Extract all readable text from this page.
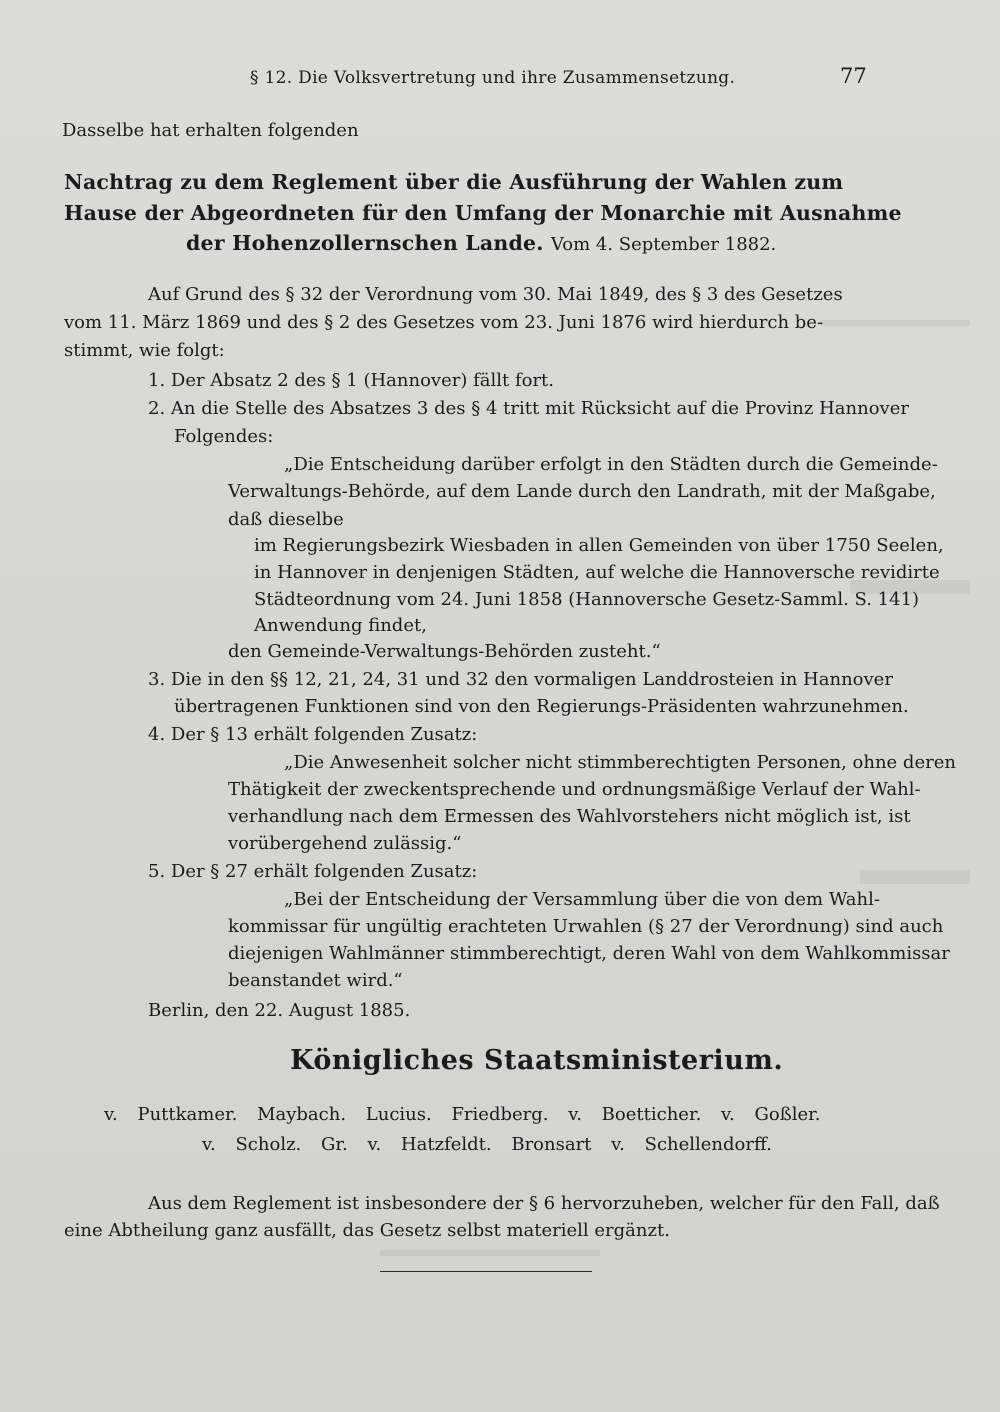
§ 12. Die Volksvertretung und ihre Zusammensetzung.	77
Dasselbe hat erhalten folgenden
Nachtrag zu dem Reglement über die Ausführung der Wahlen zum
Hause der Abgeordneten für den Umfang der Monarchie mit Ausnahme
der Hohenzollernschen Lande. Vom 4. September 1882.
Auf Grund des § 32 der Verordnung vom 30. Mai 1849, des § 3 des Gesetzes
vom 11. März 1869 und des § 2 des Gesetzes vom 23. Juni 1876 wird hierdurch be-
stimmt, wie folgt:
1. Der Absatz 2 des § 1 (Hannover) fällt fort.
2. An die Stelle des Absatzes 3 des § 4 tritt mit Rücksicht auf die Provinz Hannover
Folgendes:
„Die Entscheidung darüber erfolgt in den Städten durch die Gemeinde-
Verwaltungs-Behörde, auf dem Lande durch den Landrath, mit der Maßgabe,
daß dieselbe
im Regierungsbezirk Wiesbaden in allen Gemeinden von über 1750 Seelen,
in Hannover in denjenigen Städten, auf welche die Hannoversche revidirte
Städteordnung vom 24. Juni 1858 (Hannoversche Gesetz-Samml. S. 141)
Anwendung findet,
den Gemeinde-Verwaltungs-Behörden zusteht.“
3. Die in den §§ 12, 21, 24, 31 und 32 den vormaligen Landdrosteien in Hannover
übertragenen Funktionen sind von den Regierungs-Präsidenten wahrzunehmen.
4. Der § 13 erhält folgenden Zusatz:
„Die Anwesenheit solcher nicht stimmberechtigten Personen, ohne deren
Thätigkeit der zweckentsprechende und ordnungsmäßige Verlauf der Wahl-
verhandlung nach dem Ermessen des Wahlvorstehers nicht möglich ist, ist
vorübergehend zulässig.“
5. Der § 27 erhält folgenden Zusatz:
„Bei der Entscheidung der Versammlung über die von dem Wahl-
kommissar für ungültig erachteten Urwahlen (§ 27 der Verordnung) sind auch
diejenigen Wahlmänner stimmberechtigt, deren Wahl von dem Wahlkommissar
beanstandet wird.“
Berlin, den 22. August 1885.
Königliches Staatsministerium.
v. Puttkamer. Maybach. Lucius. Friedberg. v. Boetticher. v. Goßler.
v. Scholz. Gr. v. Hatzfeldt. Bronsart v. Schellendorff.
Aus dem Reglement ist insbesondere der § 6 hervorzuheben, welcher für den Fall, daß
eine Abtheilung ganz ausfällt, das Gesetz selbst materiell ergänzt.
